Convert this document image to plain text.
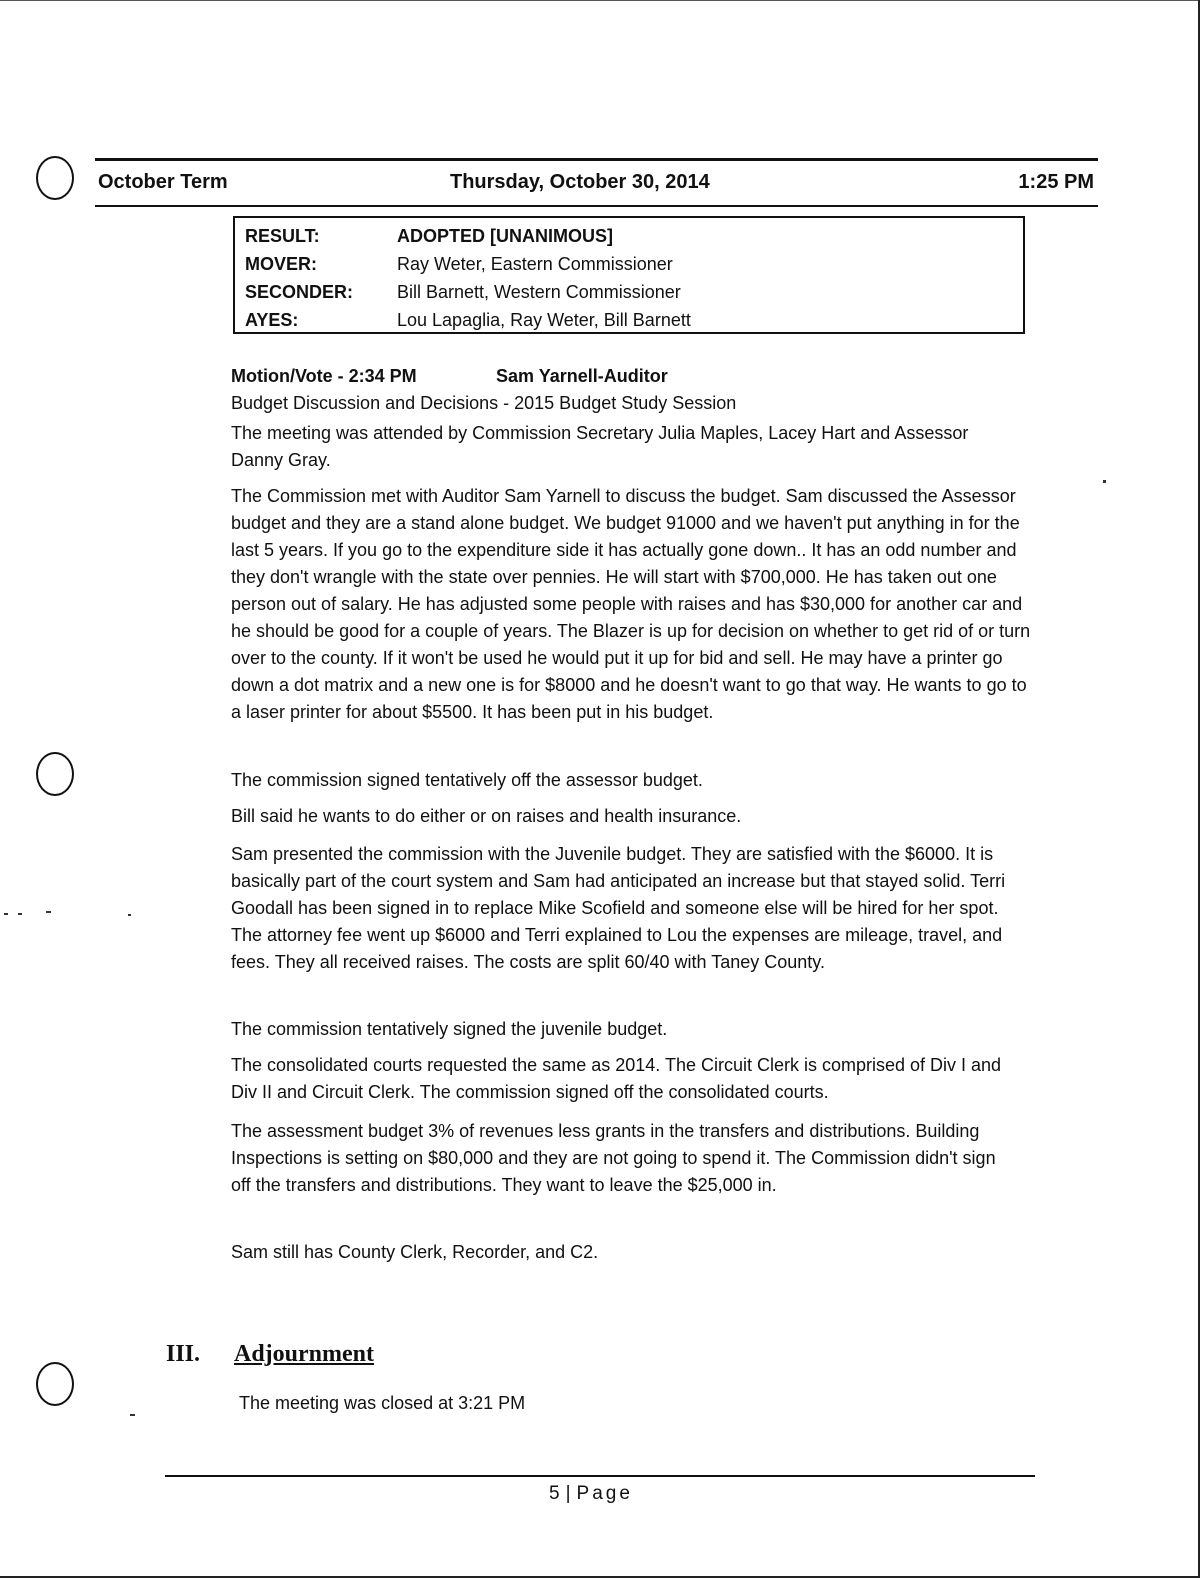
October Term	Thursday, October 30, 2014	1:25 PM
RESULT:	ADOPTED [UNANIMOUS]
MOVER:	Ray Weter, Eastern Commissioner
SECONDER: Bill Barnett, Western Commissioner
AYES:	Lou Lapaglia, Ray Weter, Bill Barnett
Motion/Vote - 2:34 PM	Sam Yarnell-Auditor
Budget Discussion and Decisions - 2015 Budget Study Session
The meeting was attended by Commission Secretary Julia Maples, Lacey Hart and Assessor Danny Gray.
The Commission met with Auditor Sam Yarnell to discuss the budget. Sam discussed the Assessor budget and they are a stand alone budget. We budget 91000 and we haven't put anything in for the last 5 years. If you go to the expenditure side it has actually gone down.. It has an odd number and they don't wrangle with the state over pennies. He will start with $700,000. He has taken out one person out of salary. He has adjusted some people with raises and has $30,000 for another car and he should be good for a couple of years. The Blazer is up for decision on whether to get rid of or turn over to the county. If it won't be used he would put it up for bid and sell. He may have a printer go down a dot matrix and a new one is for $8000 and he doesn't want to go that way. He wants to go to a laser printer for about $5500. It has been put in his budget.
The commission signed tentatively off the assessor budget.
Bill said he wants to do either or on raises and health insurance.
Sam presented the commission with the Juvenile budget. They are satisfied with the $6000. It is basically part of the court system and Sam had anticipated an increase but that stayed solid. Terri Goodall has been signed in to replace Mike Scofield and someone else will be hired for her spot. The attorney fee went up $6000 and Terri explained to Lou the expenses are mileage, travel, and fees. They all received raises. The costs are split 60/40 with Taney County.
The commission tentatively signed the juvenile budget.
The consolidated courts requested the same as 2014. The Circuit Clerk is comprised of Div I and Div II and Circuit Clerk. The commission signed off the consolidated courts.
The assessment budget 3% of revenues less grants in the transfers and distributions. Building Inspections is setting on $80,000 and they are not going to spend it. The Commission didn't sign off the transfers and distributions. They want to leave the $25,000 in.
Sam still has County Clerk, Recorder, and C2.
III. Adjournment
The meeting was closed at 3:21 PM
5 | Page
